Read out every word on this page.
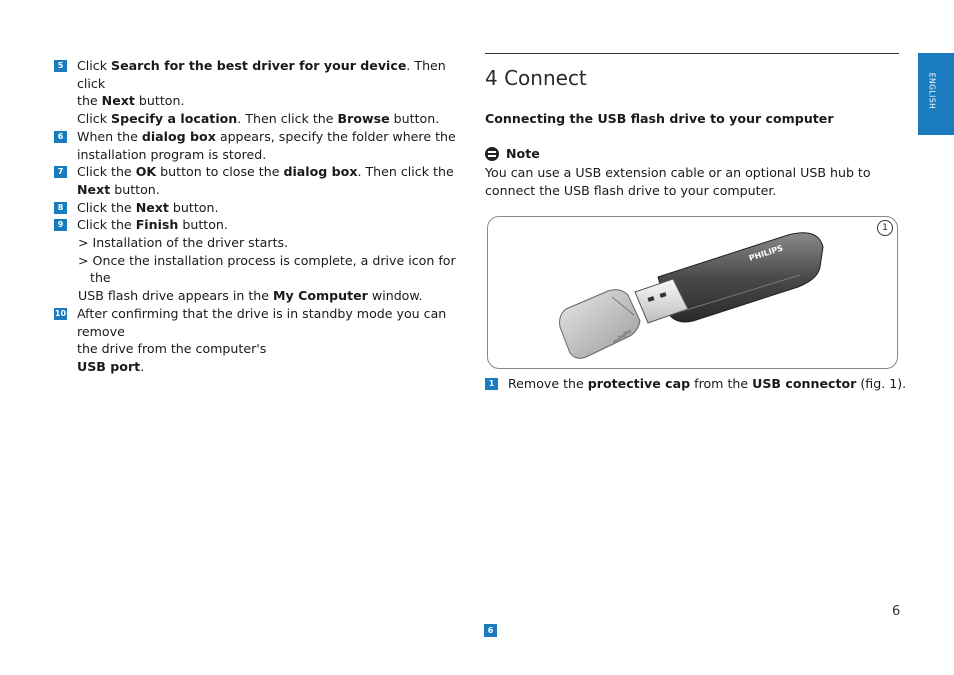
5 Click Search for the best driver for your device. Then click
the Next button.
Click Specify a location. Then click the Browse button.
6 When the dialog box appears, specify the folder where the
installation program is stored.
7 Click the OK button to close the dialog box. Then click the
Next button.
8 Click the Next button.
9 Click the Finish button.
> Installation of the driver starts.
> Once the installation process is complete, a drive icon for the
USB flash drive appears in the My Computer window.
10 After confirming that the drive is in standby mode you can remove
the drive from the computer's
USB port.
4 Connect
Connecting the USB flash drive to your computer
Note
You can use a USB extension cable or an optional USB hub to connect the USB flash drive to your computer.
PHILIPS
1
1 Remove the protective cap from the USB connector (fig. 1).
ENGLISH
6
6
